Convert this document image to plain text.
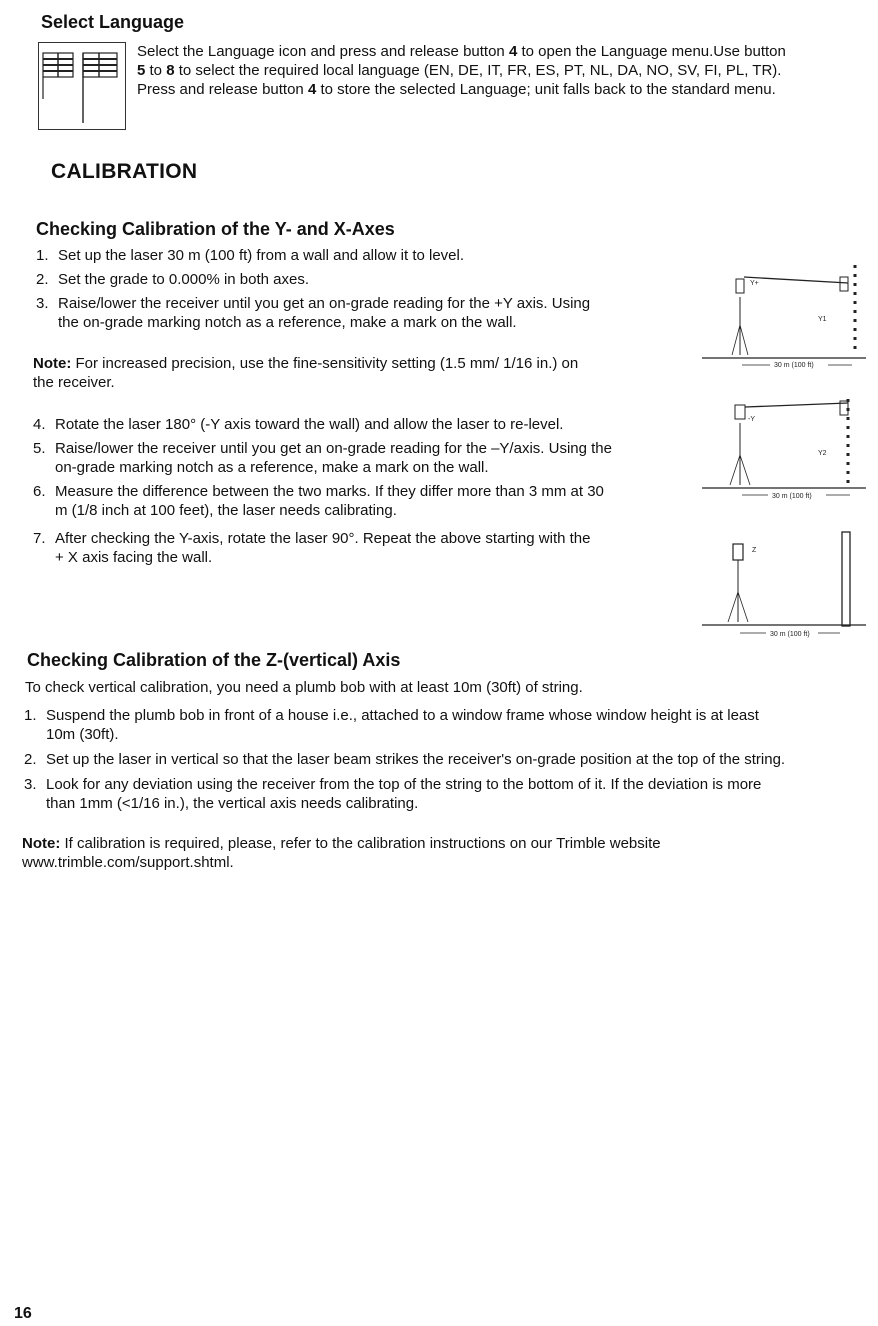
Select Language

Select the Language icon and press and release button 4 to open the Language menu.Use button

5 to 8 to select the required local language (EN, DE, IT, FR, ES, PT, NL, DA, NO, SV, FI, PL, TR).

Press and release button 4 to store the selected Language; unit falls back to the standard menu.

CALIBRATION
Checking Calibration of the Y- and X-Axes
1. Set up the laser 30 m (100 ft) from a wall and allow it to level.
2. Set the grade to 0.000% in both axes.
3. Raise/lower the receiver until you get an on-grade reading for the +Y axis. Using
the on-grade marking notch as a reference, make a mark on the wall.

Note: For increased precision, use the fine-sensitivity setting (1.5 mm/ 1/16 in.) on

the receiver.

4. Rotate the laser 180° (-Y axis toward the wall) and allow the laser to re-level.
5. Raise/lower the receiver until you get an on-grade reading for the –Y/axis. Using the
on-grade marking notch as a reference, make a mark on the wall.
6. Measure the difference between the two marks. If they differ more than 3 mm at 30
m (1/8 inch at 100 feet), the laser needs calibrating.
7. After checking the Y-axis, rotate the laser 90°. Repeat the above starting with the
+ X axis facing the wall.
Y+
Y1
30 m (100 ft)
-Y
Y2
30 m (100 ft)
Z
30 m (100 ft)
Checking Calibration of the Z-(vertical) Axis

To check vertical calibration, you need a plumb bob with at least 10m (30ft) of string.

1. Suspend the plumb bob in front of a house i.e., attached to a window frame whose window height is at least
10m (30ft).
2. Set up the laser in vertical so that the laser beam strikes the receiver's on-grade position at the top of the string.
3. Look for any deviation using the receiver from the top of the string to the bottom of it. If the deviation is more
than 1mm (<1/16 in.), the vertical axis needs calibrating.

Note: If calibration is required, please, refer to the calibration instructions on our Trimble website

www.trimble.com/support.shtml.

16
